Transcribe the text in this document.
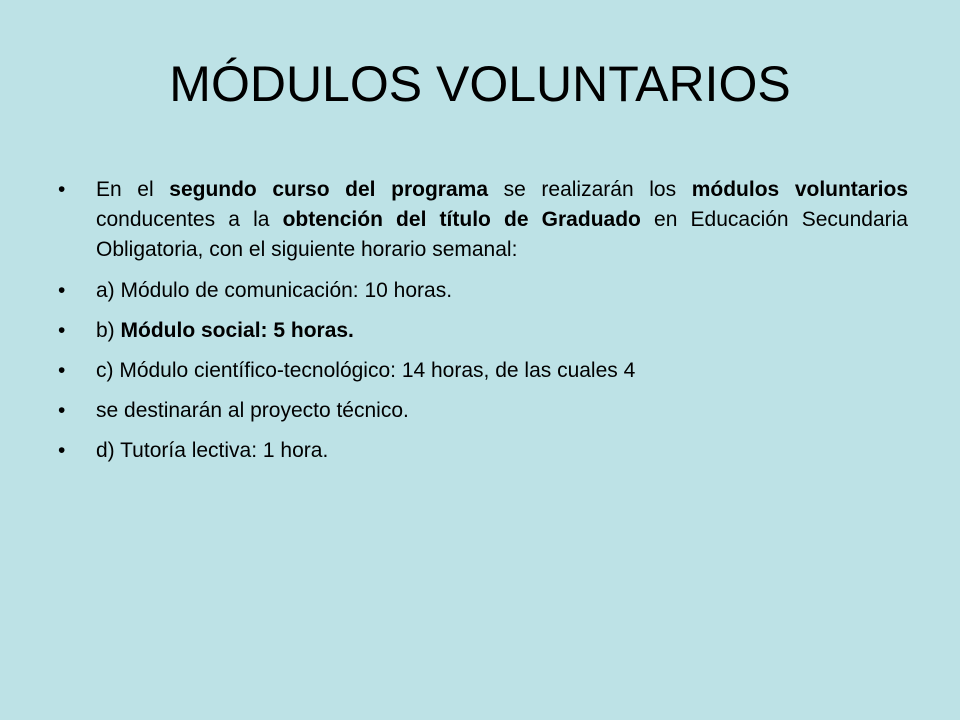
MÓDULOS VOLUNTARIOS
•	En el segundo curso del programa se realizarán los módulos voluntarios conducentes a la obtención del título de Graduado en Educación Secundaria Obligatoria, con el siguiente horario semanal:
•	a) Módulo de comunicación: 10 horas.
•	b) Módulo social: 5 horas.
•	c) Módulo científico-tecnológico: 14 horas, de las cuales 4
•	se destinarán al proyecto técnico.
•	d) Tutoría lectiva: 1 hora.
